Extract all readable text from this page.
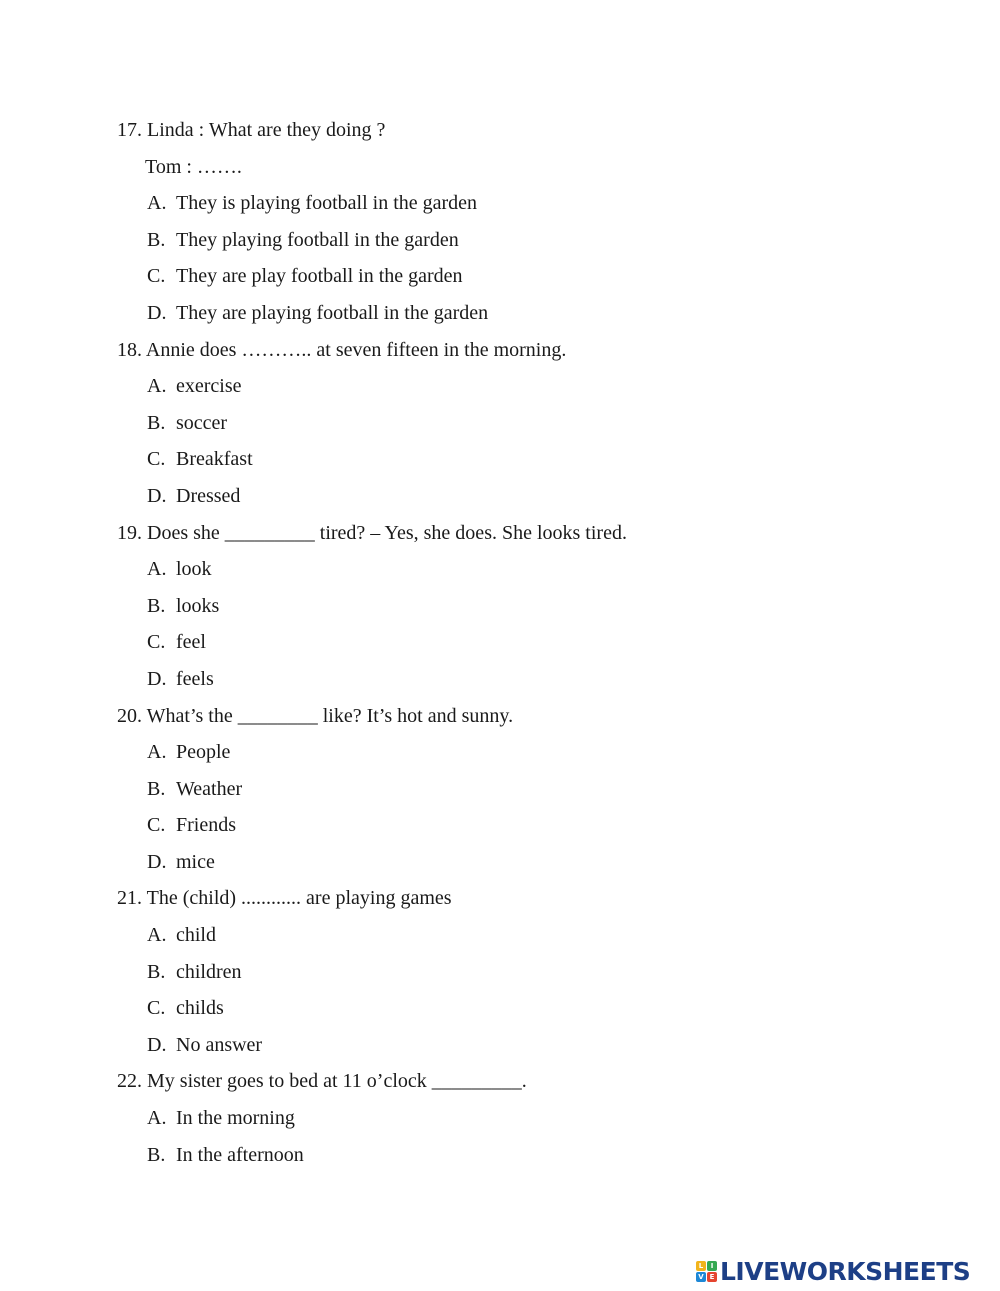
17. Linda : What are they doing ?
Tom : …….
A. They is playing football in the garden
B. They playing football in the garden
C. They are play football in the garden
D. They are playing football in the garden
18. Annie does ……….. at seven fifteen in the morning.
A. exercise
B. soccer
C. Breakfast
D. Dressed
19. Does she _________ tired? – Yes, she does. She looks tired.
A. look
B. looks
C. feel
D. feels
20. What’s the ________ like? It’s hot and sunny.
A. People
B. Weather
C. Friends
D. mice
21. The (child) ............ are playing games
A. child
B. children
C. childs
D. No answer
22. My sister goes to bed at 11 o’clock _________.
A. In the morning
B. In the afternoon
L	I
V E LIVEWORKSHEETS
